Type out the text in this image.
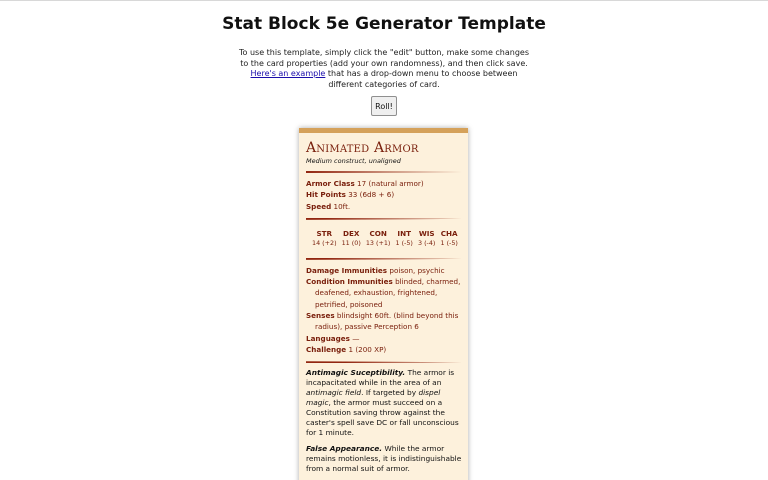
Stat Block 5e Generator Template

To use this template, simply click the "edit" button, make some changes to the card properties (add your own randomness), and then click save. Here's an example that has a drop-down menu to choose between different categories of card.

Roll!
Animated Armor
Medium construct, unaligned
Armor Class 17 (natural armor)
Hit Points 33 (6d8 + 6)
Speed 10ft.
STR
14 (+2)
DEX
11 (0)
CON
13 (+1)
INT
1 (-5)
WIS
3 (-4)
CHA
1 (-5)
Damage Immunities poison, psychic
Condition Immunities blinded, charmed, deafened, exhaustion, frightened, petrified, poisoned
Senses blindsight 60ft. (blind beyond this radius), passive Perception 6
Languages —
Challenge 1 (200 XP)
Antimagic Suceptibility. The armor is incapacitated while in the area of an antimagic field. If targeted by dispel magic, the armor must succeed on a Constitution saving throw against the caster's spell save DC or fall unconscious for 1 minute.
False Appearance. While the armor remains motionless, it is indistinguishable from a normal suit of armor.
